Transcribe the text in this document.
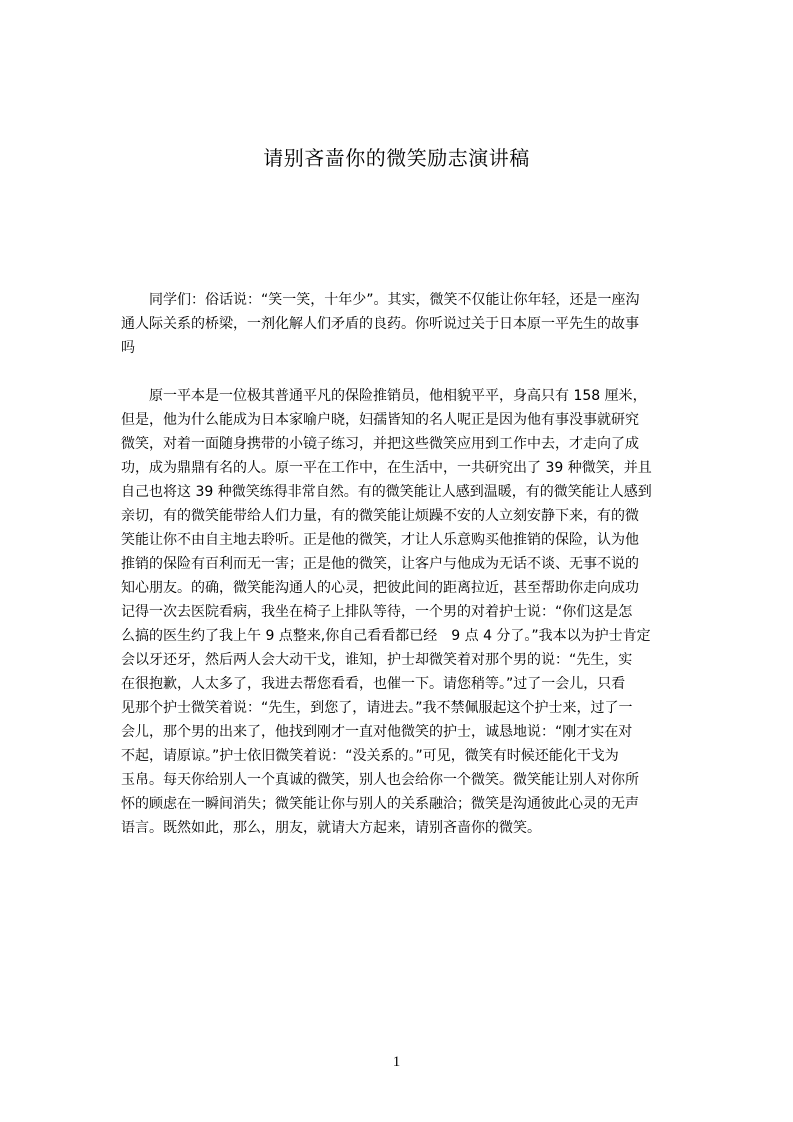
请别吝啬你的微笑励志演讲稿

　　同学们：俗话说：“笑一笑，十年少”。其实，微笑不仅能让你年轻，还是一座沟
通人际关系的桥梁，一剂化解人们矛盾的良药。你听说过关于日本原一平先生的故事
吗

　　原一平本是一位极其普通平凡的保险推销员，他相貌平平，身高只有 158 厘米，
但是，他为什么能成为日本家喻户晓，妇孺皆知的名人呢正是因为他有事没事就研究
微笑，对着一面随身携带的小镜子练习，并把这些微笑应用到工作中去，才走向了成
功，成为鼎鼎有名的人。原一平在工作中，在生活中，一共研究出了 39 种微笑，并且
自己也将这 39 种微笑练得非常自然。有的微笑能让人感到温暖，有的微笑能让人感到
亲切，有的微笑能带给人们力量，有的微笑能让烦躁不安的人立刻安静下来，有的微
笑能让你不由自主地去聆听。正是他的微笑，才让人乐意购买他推销的保险，认为他
推销的保险有百利而无一害；正是他的微笑，让客户与他成为无话不谈、无事不说的
知心朋友。的确，微笑能沟通人的心灵，把彼此间的距离拉近，甚至帮助你走向成功
记得一次去医院看病，我坐在椅子上排队等待，一个男的对着护士说：“你们这是怎
么搞的医生约了我上午 9 点整来,你自己看看都已经　9 点 4 分了。”我本以为护士肯定
会以牙还牙，然后两人会大动干戈，谁知，护士却微笑着对那个男的说：“先生，实
在很抱歉，人太多了，我进去帮您看看，也催一下。请您稍等。”过了一会儿，只看
见那个护士微笑着说：“先生，到您了，请进去。”我不禁佩服起这个护士来，过了一
会儿，那个男的出来了，他找到刚才一直对他微笑的护士，诚恳地说：“刚才实在对
不起，请原谅。”护士依旧微笑着说：“没关系的。”可见，微笑有时候还能化干戈为
玉帛。每天你给别人一个真诚的微笑，别人也会给你一个微笑。微笑能让别人对你所
怀的顾虑在一瞬间消失；微笑能让你与别人的关系融洽；微笑是沟通彼此心灵的无声
语言。既然如此，那么，朋友，就请大方起来，请别吝啬你的微笑。

1
